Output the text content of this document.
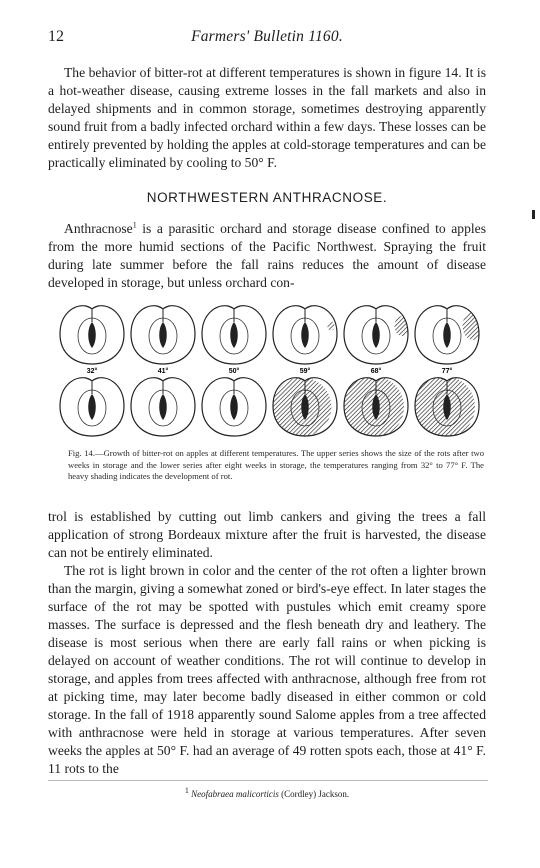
12	Farmers' Bulletin 1160.
The behavior of bitter-rot at different temperatures is shown in figure 14. It is a hot-weather disease, causing extreme losses in the fall markets and also in delayed shipments and in common storage, sometimes destroying apparently sound fruit from a badly infected orchard within a few days. These losses can be entirely prevented by holding the apples at cold-storage temperatures and can be practically eliminated by cooling to 50° F.
NORTHWESTERN ANTHRACNOSE.
Anthracnose$^1$ is a parasitic orchard and storage disease confined to apples from the more humid sections of the Pacific Northwest. Spraying the fruit during late summer before the fall rains reduces the amount of disease developed in storage, but unless orchard con-
32°	41°	50°	59°	68°	77°
Fig. 14.—Growth of bitter-rot on apples at different temperatures. The upper series shows the size of the rots after two weeks in storage and the lower series after eight weeks in storage, the temperatures ranging from 32° to 77° F. The heavy shading indicates the development of rot.
trol is established by cutting out limb cankers and giving the trees a fall application of strong Bordeaux mixture after the fruit is harvested, the disease can not be entirely eliminated.
The rot is light brown in color and the center of the rot often a lighter brown than the margin, giving a somewhat zoned or bird's-eye effect. In later stages the surface of the rot may be spotted with pustules which emit creamy spore masses. The surface is depressed and the flesh beneath dry and leathery. The disease is most serious when there are early fall rains or when picking is delayed on account of weather conditions. The rot will continue to develop in storage, and apples from trees affected with anthracnose, although free from rot at picking time, may later become badly diseased in either common or cold storage. In the fall of 1918 apparently sound Salome apples from a tree affected with anthracnose were held in storage at various temperatures. After seven weeks the apples at 50° F. had an average of 49 rotten spots each, those at 41° F. 11 rots to the
$^1$ Neofabraea malicorticis (Cordley) Jackson.
